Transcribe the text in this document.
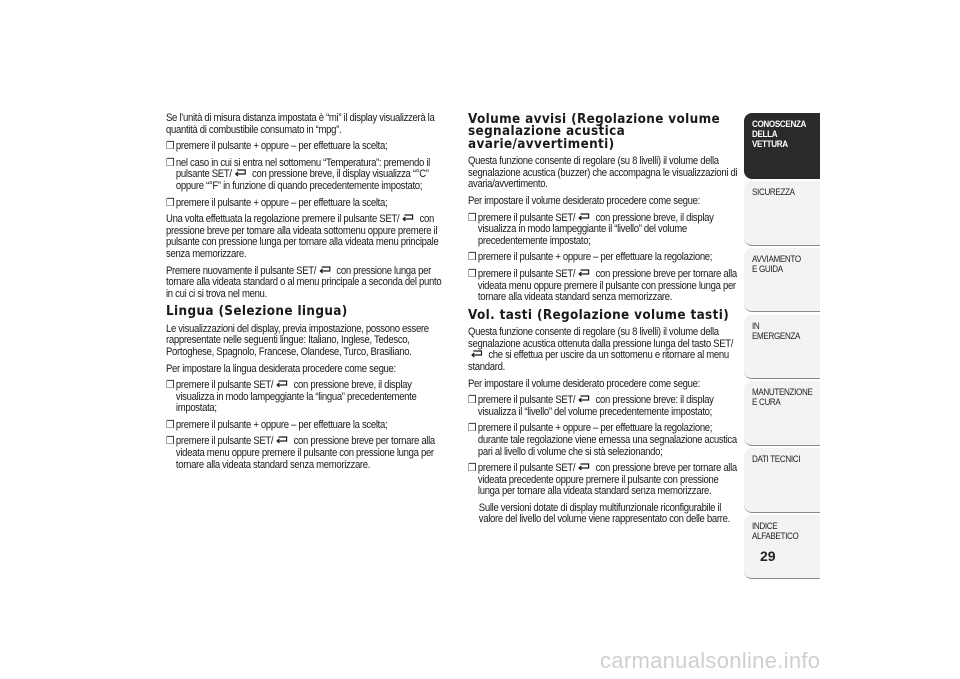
Se l’unità di misura distanza impostata è “mi” il display visualizzerà la quantità di combustibile consumato in “mpg”.

❒ premere il pulsante + oppure – per effettuare la scelta;
❒ nel caso in cui si entra nel sottomenu “Temperatura”: premendo il pulsante SET/
con pressione breve, il display visualizza “°C” oppure “°F” in funzione di quando precedentemente impostato;
❒ premere il pulsante + oppure – per effettuare la scelta;

Una volta effettuata la regolazione premere il pulsante SET/
con pressione breve per tornare alla videata sottomenu oppure premere il pulsante con pressione lunga per tornare alla videata menu principale senza memorizzare.

Premere nuovamente il pulsante SET/
con pressione lunga per tornare alla videata standard o al menu principale a seconda del punto in cui ci si trova nel menu.

Lingua (Selezione lingua)

Le visualizzazioni del display, previa impostazione, possono essere rappresentate nelle seguenti lingue: Italiano, Inglese, Tedesco, Portoghese, Spagnolo, Francese, Olandese, Turco, Brasiliano.

Per impostare la lingua desiderata procedere come segue:

❒ premere il pulsante SET/
con pressione breve, il display visualizza in modo lampeggiante la “lingua” precedentemente impostata;
❒ premere il pulsante + oppure – per effettuare la scelta;
❒ premere il pulsante SET/
con pressione breve per tornare alla videata menu oppure premere il pulsante con pressione lunga per tornare alla videata standard senza memorizzare.
Volume avvisi (Regolazione volume segnalazione acustica avarie/avvertimenti)

Questa funzione consente di regolare (su 8 livelli) il volume della segnalazione acustica (buzzer) che accompagna le visualizzazioni di avaria/avvertimento.

Per impostare il volume desiderato procedere come segue:

❒ premere il pulsante SET/
con pressione breve, il display visualizza in modo lampeggiante il “livello” del volume precedentemente impostato;
❒ premere il pulsante + oppure – per effettuare la regolazione;
❒ premere il pulsante SET/
con pressione breve per tornare alla videata menu oppure premere il pulsante con pressione lunga per tornare alla videata standard senza memorizzare.
Vol. tasti (Regolazione volume tasti)

Questa funzione consente di regolare (su 8 livelli) il volume della segnalazione acustica ottenuta dalla pressione lunga del tasto SET/
che si effettua per uscire da un sottomenu e ritornare al menu standard.

Per impostare il volume desiderato procedere come segue:

❒ premere il pulsante SET/
con pressione breve: il display visualizza il “livello” del volume precedentemente impostato;
❒ premere il pulsante + oppure – per effettuare la regolazione; durante tale regolazione viene emessa una segnalazione acustica pari al livello di volume che si stà selezionando;
❒ premere il pulsante SET/
con pressione breve per tornare alla videata precedente oppure premere il pulsante con pressione lunga per tornare alla videata standard senza memorizzare.

Sulle versioni dotate di display multifunzionale riconfigurabile il valore del livello del volume viene rappresentato con delle barre.

CONOSCENZA DELLA VETTURA
SICUREZZA
AVVIAMENTO E GUIDA
IN EMERGENZA
MANUTENZIONE E CURA
DATI TECNICI
INDICE ALFABETICO
29
carmanualsonline.info
